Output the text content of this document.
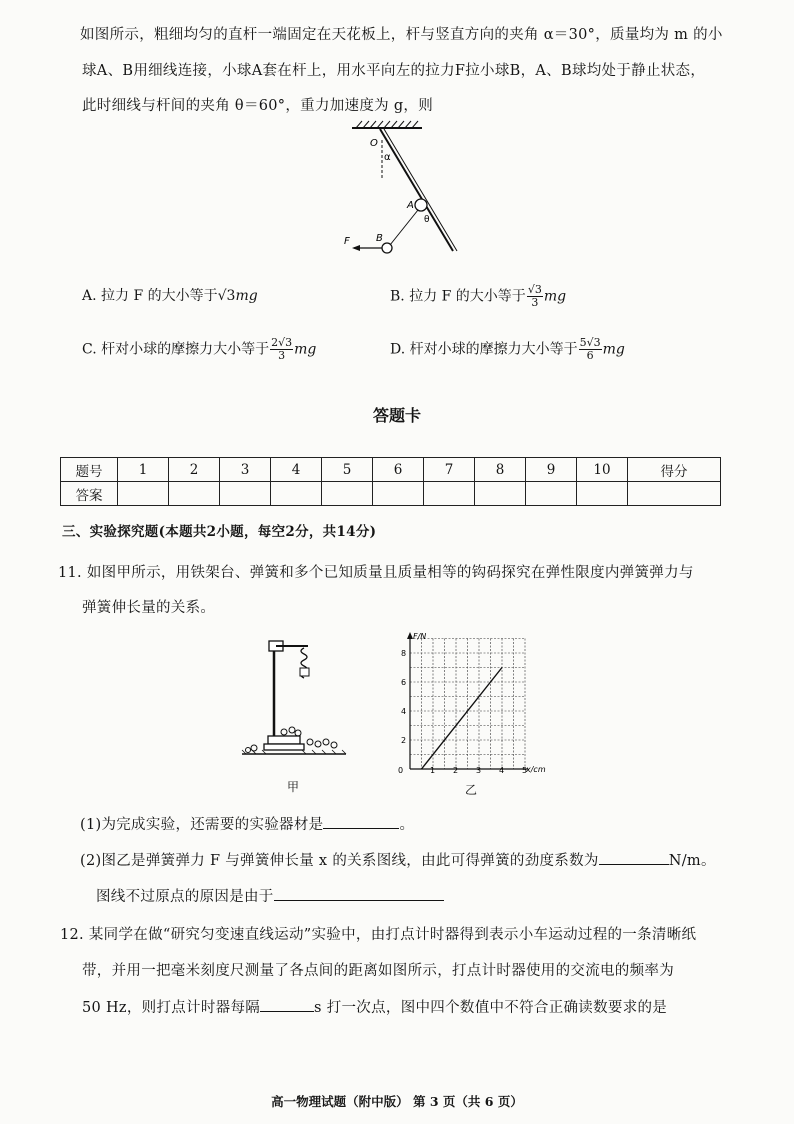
如图所示，粗细均匀的直杆一端固定在天花板上，杆与竖直方向的夹角 α＝30°，质量均为 m 的小
球A、B用细线连接，小球A套在杆上，用水平向左的拉力F拉小球B，A、B球均处于静止状态，
此时细线与杆间的夹角 θ＝60°，重力加速度为 g，则
O
α
A
θ
B
F
A. 拉力 F 的大小等于√3mg	B. 拉力 F 的大小等于 $\frac{√3}{3}$ mg
C. 杆对小球的摩擦力大小等于 $\frac{2√3}{3}$ mg	D. 杆对小球的摩擦力大小等于 $\frac{5√3}{6}$ mg
答题卡
题号	1	2	3	4	5	6	7	8	9	10	得分
答案											
三、实验探究题(本题共2小题，每空2分，共14分)
11. 如图甲所示，用铁架台、弹簧和多个已知质量且质量相等的钩码探究在弹性限度内弹簧弹力与
弹簧伸长量的关系。
甲
F/N
x/cm
0	1 2 3 4 5
2
4
6
8
乙
(1)为完成实验，还需要的实验器材是	。
(2)图乙是弹簧弹力 F 与弹簧伸长量 x 的关系图线，由此可得弹簧的劲度系数为	N/m。
图线不过原点的原因是由于
12. 某同学在做“研究匀变速直线运动”实验中，由打点计时器得到表示小车运动过程的一条清晰纸
带，并用一把毫米刻度尺测量了各点间的距离如图所示，打点计时器使用的交流电的频率为
50 Hz，则打点计时器每隔	s 打一次点，图中四个数值中不符合正确读数要求的是
高一物理试题（附中版） 第 3 页（共 6 页）
